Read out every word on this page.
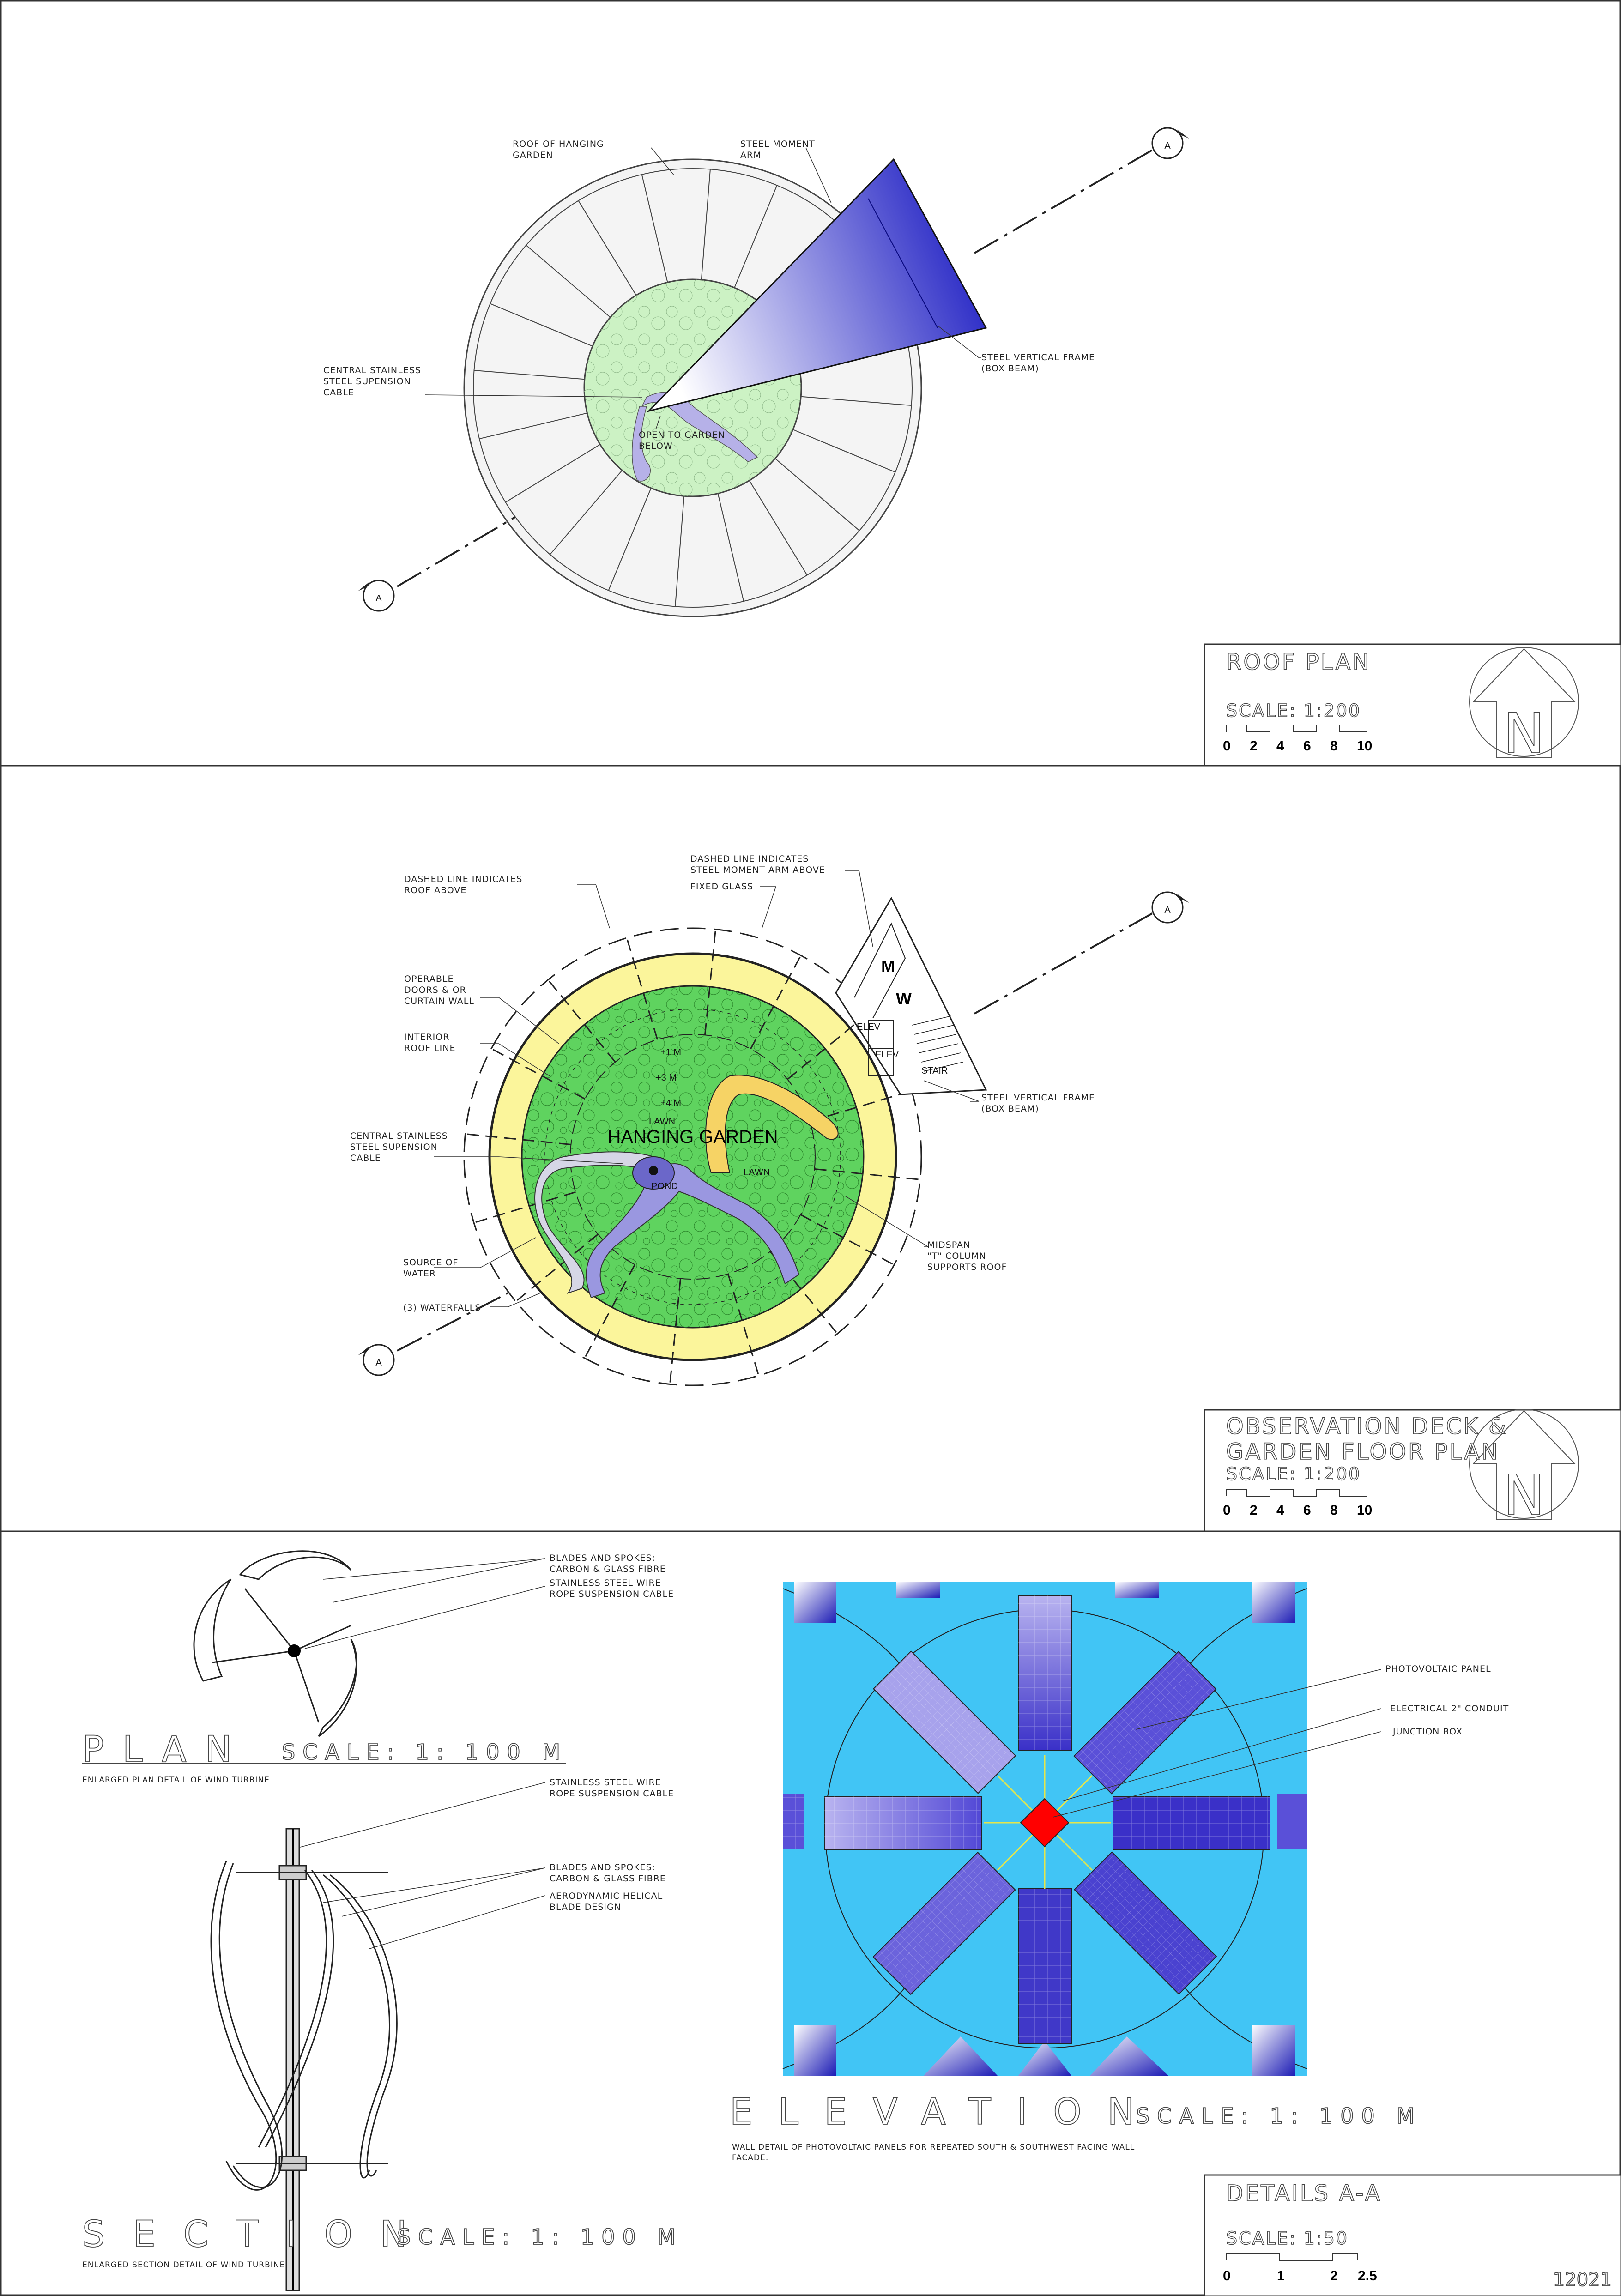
A
A
ROOF OF HANGING GARDEN
STEEL MOMENT ARM
CENTRAL STAINLESS STEEL SUPENSION CABLE
OPEN TO GARDEN BELOW
STEEL VERTICAL FRAME (BOX BEAM)
ROOF PLAN
SCALE: 1:200
0 2 4 6 8 10 N
M
W
ELEV
ELEV
STAIR
HANGING GARDEN
+1 M
+3 M
+4 M
LAWN
LAWN
POND
A
A
DASHED LINE INDICATES ROOF ABOVE
DASHED LINE INDICATES STEEL MOMENT ARM ABOVE
FIXED GLASS
OPERABLE DOORS & OR CURTAIN WALL
INTERIOR ROOF LINE
CENTRAL STAINLESS STEEL SUPENSION CABLE
SOURCE OF WATER
(3) WATERFALLS
STEEL VERTICAL FRAME (BOX BEAM)
MIDSPAN "T" COLUMN SUPPORTS ROOF
N
OBSERVATION DECK &
GARDEN FLOOR PLAN
SCALE: 1:200
0 2 4 6 8 10
BLADES AND SPOKES: CARBON & GLASS FIBRE
STAINLESS STEEL WIRE ROPE SUSPENSION CABLE
PLAN SCALE: 1: 100 M
ENLARGED PLAN DETAIL OF WIND TURBINE	STAINLESS STEEL WIRE ROPE SUSPENSION CABLE
BLADES AND SPOKES: CARBON & GLASS FIBRE
AERODYNAMIC HELICAL BLADE DESIGN
SECTION
SCALE: 1: 100 M
ENLARGED SECTION DETAIL OF WIND TURBINE.
PHOTOVOLTAIC PANEL
ELECTRICAL 2" CONDUIT
JUNCTION BOX
ELEVATION
SCALE: 1: 100 M
WALL DETAIL OF PHOTOVOLTAIC PANELS FOR REPEATED SOUTH & SOUTHWEST FACING WALL FACADE.
DETAILS A-A
SCALE: 1:50
0	1	2 2.5	12021
